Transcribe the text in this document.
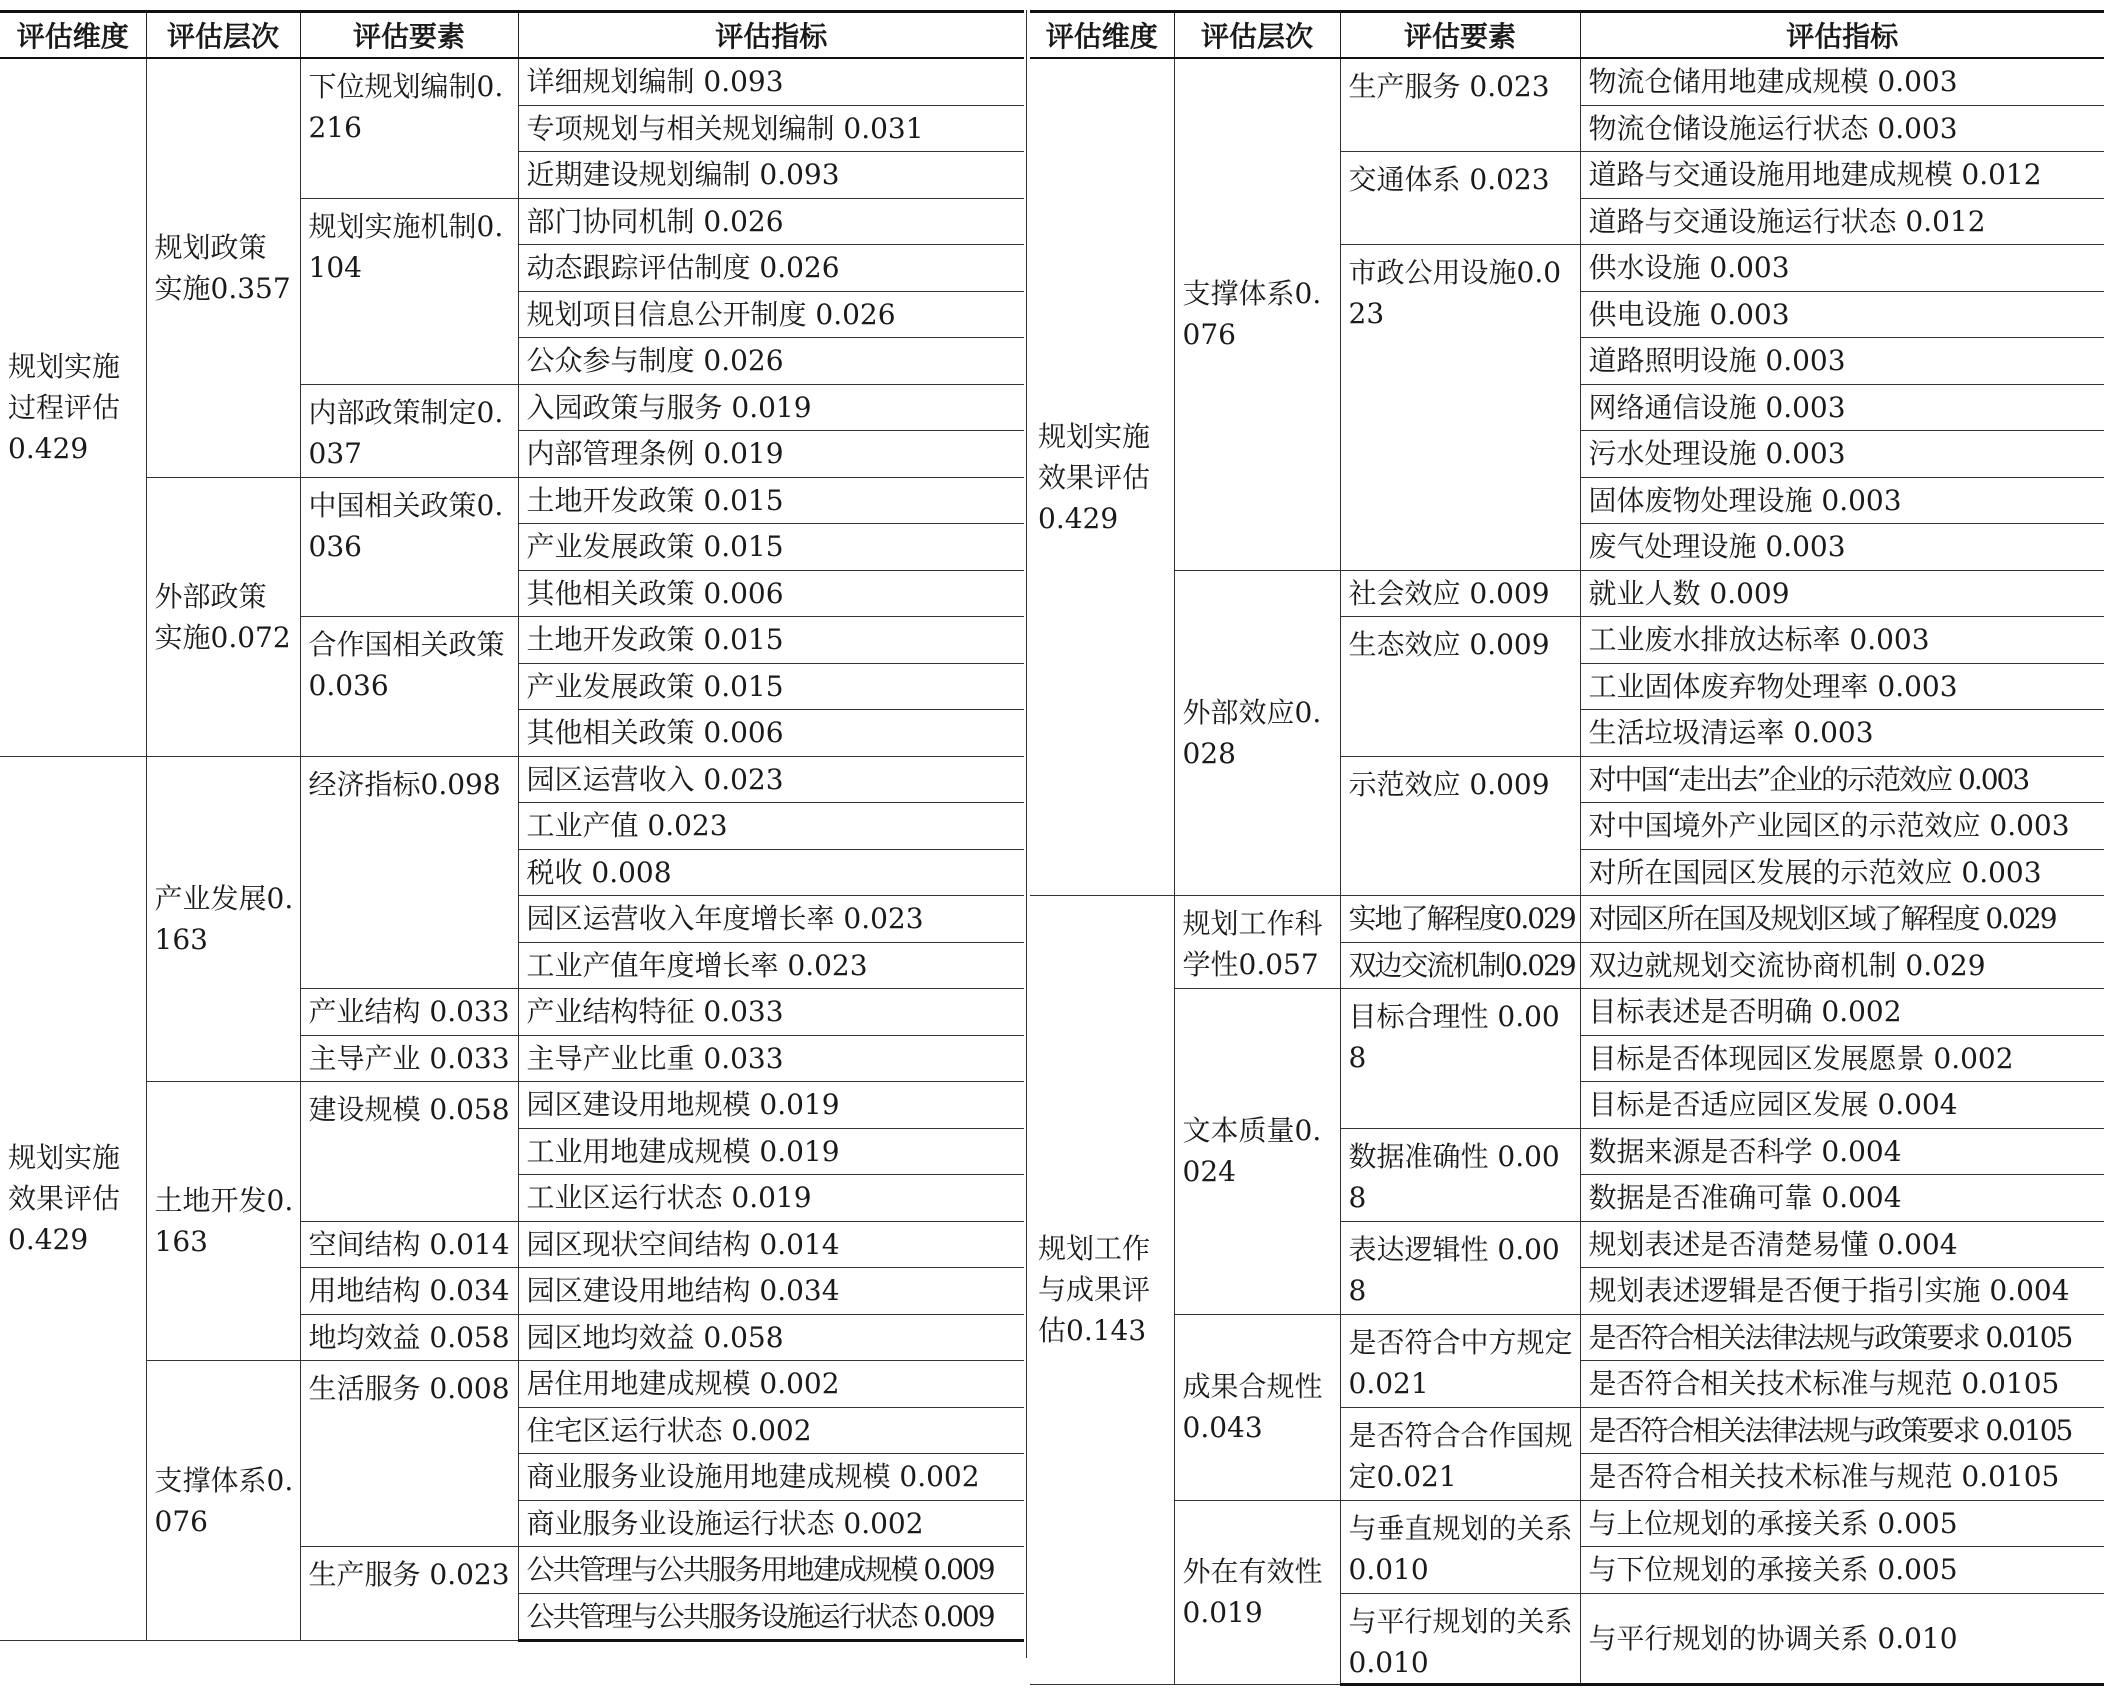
评估维度	评估层次	评估要素	评估指标
规划实施过程评估0.429	规划政策实施0.357	下位规划编制0.216	详细规划编制 0.093
			专项规划与相关规划编制 0.031
			近期建设规划编制 0.093
		规划实施机制0.104	部门协同机制 0.026
			动态跟踪评估制度 0.026
			规划项目信息公开制度 0.026
			公众参与制度 0.026
		内部政策制定0.037	入园政策与服务 0.019
			内部管理条例 0.019
	外部政策实施0.072	中国相关政策0.036	土地开发政策 0.015
			产业发展政策 0.015
			其他相关政策 0.006
		合作国相关政策0.036	土地开发政策 0.015
			产业发展政策 0.015
			其他相关政策 0.006
规划实施效果评估0.429	产业发展0.163	经济指标0.098	园区运营收入 0.023
			工业产值 0.023
			税收 0.008
			园区运营收入年度增长率 0.023
			工业产值年度增长率 0.023
		产业结构 0.033	产业结构特征 0.033
		主导产业 0.033	主导产业比重 0.033
	土地开发0.163	建设规模 0.058	园区建设用地规模 0.019
			工业用地建成规模 0.019
			工业区运行状态 0.019
		空间结构 0.014	园区现状空间结构 0.014
		用地结构 0.034	园区建设用地结构 0.034
		地均效益 0.058	园区地均效益 0.058
	支撑体系0.076	生活服务 0.008	居住用地建成规模 0.002
			住宅区运行状态 0.002
			商业服务业设施用地建成规模 0.002
			商业服务业设施运行状态 0.002
		生产服务 0.023	公共管理与公共服务用地建成规模 0.009
			公共管理与公共服务设施运行状态 0.009
评估维度	评估层次	评估要素	评估指标
规划实施效果评估0.429	支撑体系0.076	生产服务 0.023	物流仓储用地建成规模 0.003
			物流仓储设施运行状态 0.003
		交通体系 0.023	道路与交通设施用地建成规模 0.012
			道路与交通设施运行状态 0.012
		市政公用设施0.023	供水设施 0.003
			供电设施 0.003
			道路照明设施 0.003
			网络通信设施 0.003
			污水处理设施 0.003
			固体废物处理设施 0.003
			废气处理设施 0.003
	外部效应0.028	社会效应 0.009	就业人数 0.009
		生态效应 0.009	工业废水排放达标率 0.003
			工业固体废弃物处理率 0.003
			生活垃圾清运率 0.003
		示范效应 0.009	对中国“走出去”企业的示范效应 0.003
			对中国境外产业园区的示范效应 0.003
			对所在国园区发展的示范效应 0.003
规划工作与成果评估0.143	规划工作科学性0.057	实地了解程度0.029	对园区所在国及规划区域了解程度 0.029
		双边交流机制0.029	双边就规划交流协商机制 0.029
	文本质量0.024	目标合理性 0.008	目标表述是否明确 0.002
			目标是否体现园区发展愿景 0.002
			目标是否适应园区发展 0.004
		数据准确性 0.008	数据来源是否科学 0.004
			数据是否准确可靠 0.004
		表达逻辑性 0.008	规划表述是否清楚易懂 0.004
			规划表述逻辑是否便于指引实施 0.004
	成果合规性0.043	是否符合中方规定0.021	是否符合相关法律法规与政策要求 0.0105
			是否符合相关技术标准与规范 0.0105
		是否符合合作国规定0.021	是否符合相关法律法规与政策要求 0.0105
			是否符合相关技术标准与规范 0.0105
	外在有效性0.019	与垂直规划的关系0.010	与上位规划的承接关系 0.005
			与下位规划的承接关系 0.005
		与平行规划的关系0.010	与平行规划的协调关系 0.010
